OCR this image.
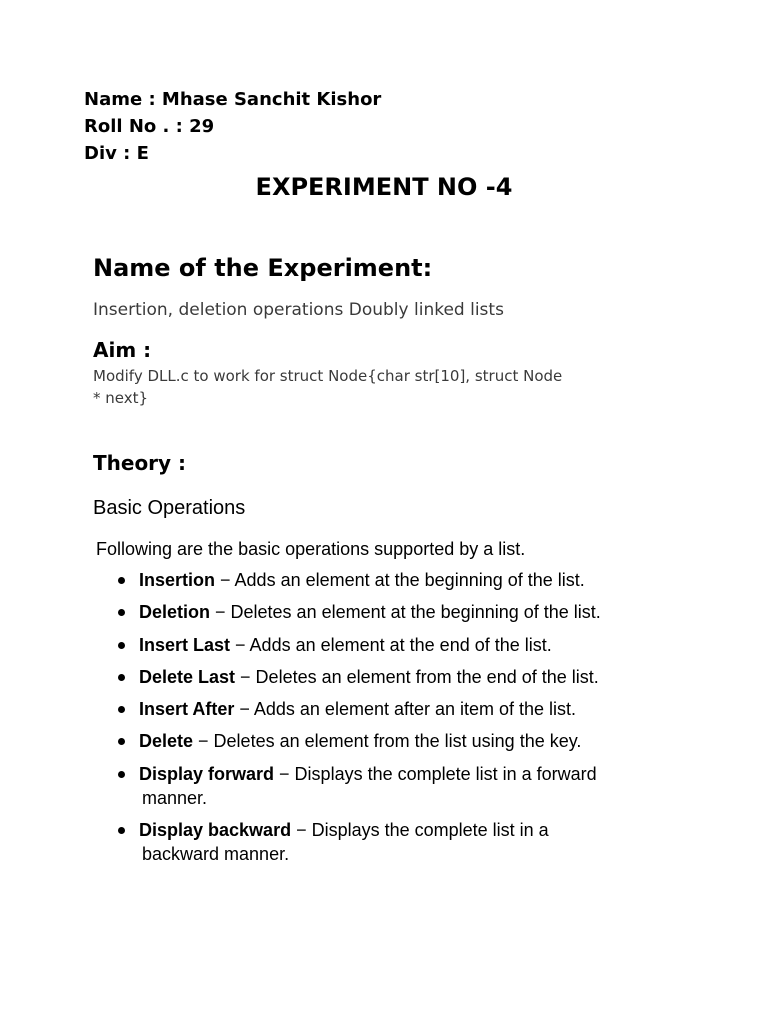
Name : Mhase Sanchit Kishor
Roll No . : 29
Div : E
EXPERIMENT NO -4
Name of the Experiment:
Insertion, deletion operations Doubly linked lists
Aim :
Modify DLL.c to work for struct Node{char str[10], struct Node * next}
Theory :
Basic Operations
Following are the basic operations supported by a list.
Insertion − Adds an element at the beginning of the list.
Deletion − Deletes an element at the beginning of the list.
Insert Last − Adds an element at the end of the list.
Delete Last − Deletes an element from the end of the list.
Insert After − Adds an element after an item of the list.
Delete − Deletes an element from the list using the key.
Display forward − Displays the complete list in a forward
manner.
Display backward − Displays the complete list in a
backward manner.
